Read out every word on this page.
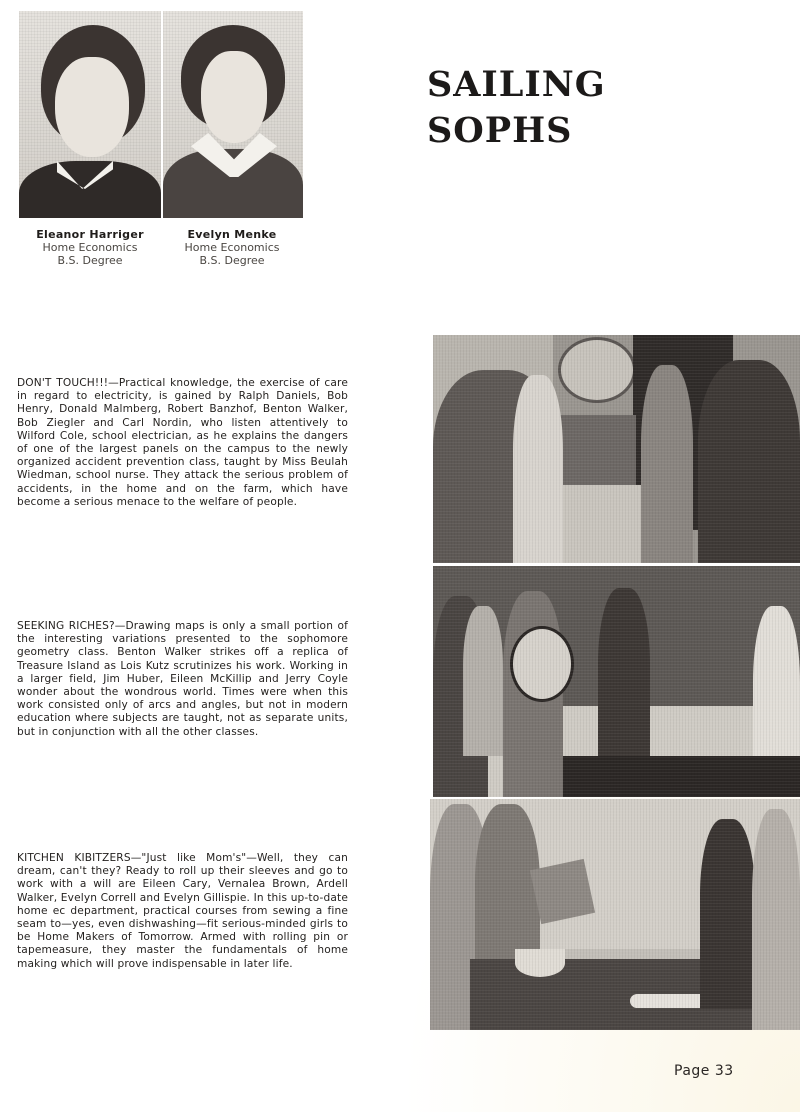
Eleanor Harriger
Home Economics
B.S. Degree
Evelyn Menke
Home Economics
B.S. Degree
SAILING
SOPHS
DON'T TOUCH!!!—Practical knowledge, the exercise of care in regard to electricity, is gained by Ralph Daniels, Bob Henry, Donald Malmberg, Robert Banzhof, Benton Walker, Bob Ziegler and Carl Nordin, who listen attentively to Wilford Cole, school electrician, as he explains the dangers of one of the largest panels on the campus to the newly organized accident prevention class, taught by Miss Beulah Wiedman, school nurse. They attack the serious problem of accidents, in the home and on the farm, which have become a serious menace to the welfare of people.
SEEKING RICHES?—Drawing maps is only a small portion of the interesting variations presented to the sophomore geometry class. Benton Walker strikes off a replica of Treasure Island as Lois Kutz scrutinizes his work. Working in a larger field, Jim Huber, Eileen McKillip and Jerry Coyle wonder about the wondrous world. Times were when this work consisted only of arcs and angles, but not in modern education where subjects are taught, not as separate units, but in conjunction with all the other classes.
KITCHEN KIBITZERS—"Just like Mom's"—Well, they can dream, can't they? Ready to roll up their sleeves and go to work with a will are Eileen Cary, Vernalea Brown, Ardell Walker, Evelyn Correll and Evelyn Gillispie. In this up-to-date home ec department, practical courses from sewing a fine seam to—yes, even dishwashing—fit serious-minded girls to be Home Makers of Tomorrow. Armed with rolling pin or tapemeasure, they master the fundamentals of home making which will prove indispensable in later life.
Page 33
